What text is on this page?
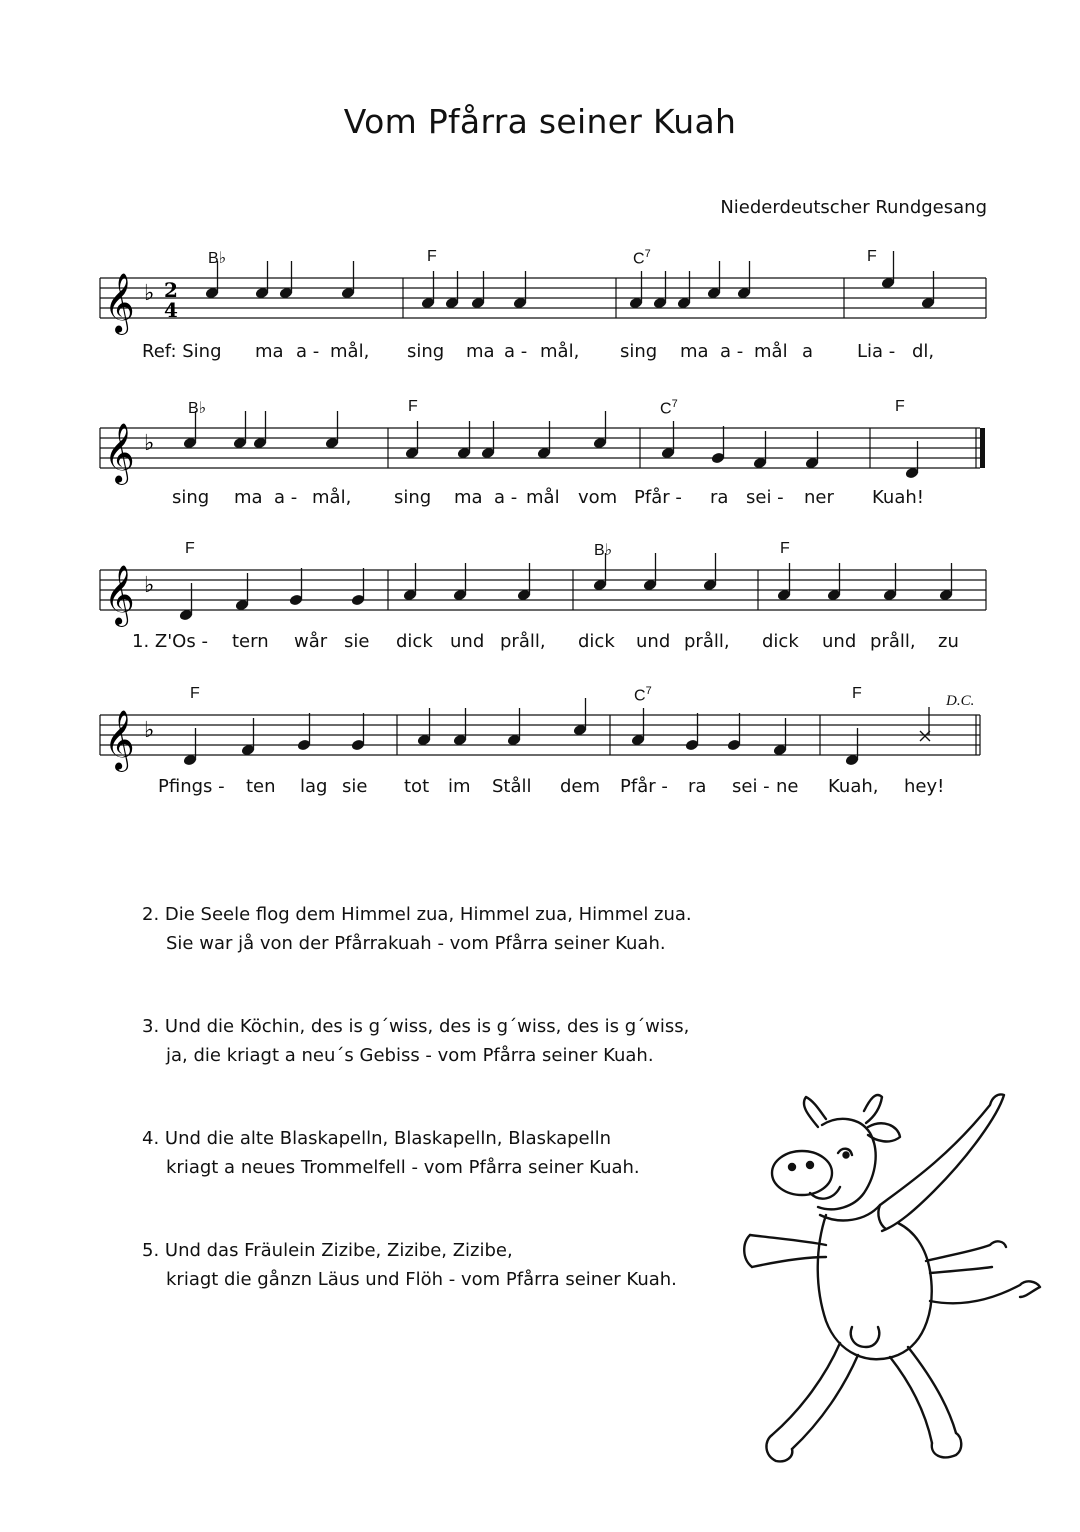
Vom Pfårra seiner Kuah
Niederdeutscher Rundgesang
B♭	F	$C^7$	F
𝄞 ♭ 2
4
Ref: Sing ma a - mål, sing ma a - mål, sing ma a - mål a Lia - dl,
B♭	F	$C^7$	F
𝄞 ♭
sing ma a - mål, sing ma a - mål vom Pfår - ra sei - ner Kuah!
F	B♭	F
𝄞 ♭
1. Z'Os - tern wår sie dick und pråll, dick und pråll, dick und pråll, zu
F	$C^7$	F	D.C.
𝄞 ♭
Pfings - ten lag sie tot im Ståll dem Pfår - ra sei - ne Kuah, hey!
2. Die Seele flog dem Himmel zua, Himmel zua, Himmel zua.
Sie war jå von der Pfårrakuah - vom Pfårra seiner Kuah.
3. Und die Köchin, des is g´wiss, des is g´wiss, des is g´wiss,
ja, die kriagt a neu´s Gebiss - vom Pfårra seiner Kuah.
4. Und die alte Blaskapelln, Blaskapelln, Blaskapelln
kriagt a neues Trommelfell - vom Pfårra seiner Kuah.
5. Und das Fräulein Zizibe, Zizibe, Zizibe,
kriagt die gånzn Läus und Flöh - vom Pfårra seiner Kuah.
